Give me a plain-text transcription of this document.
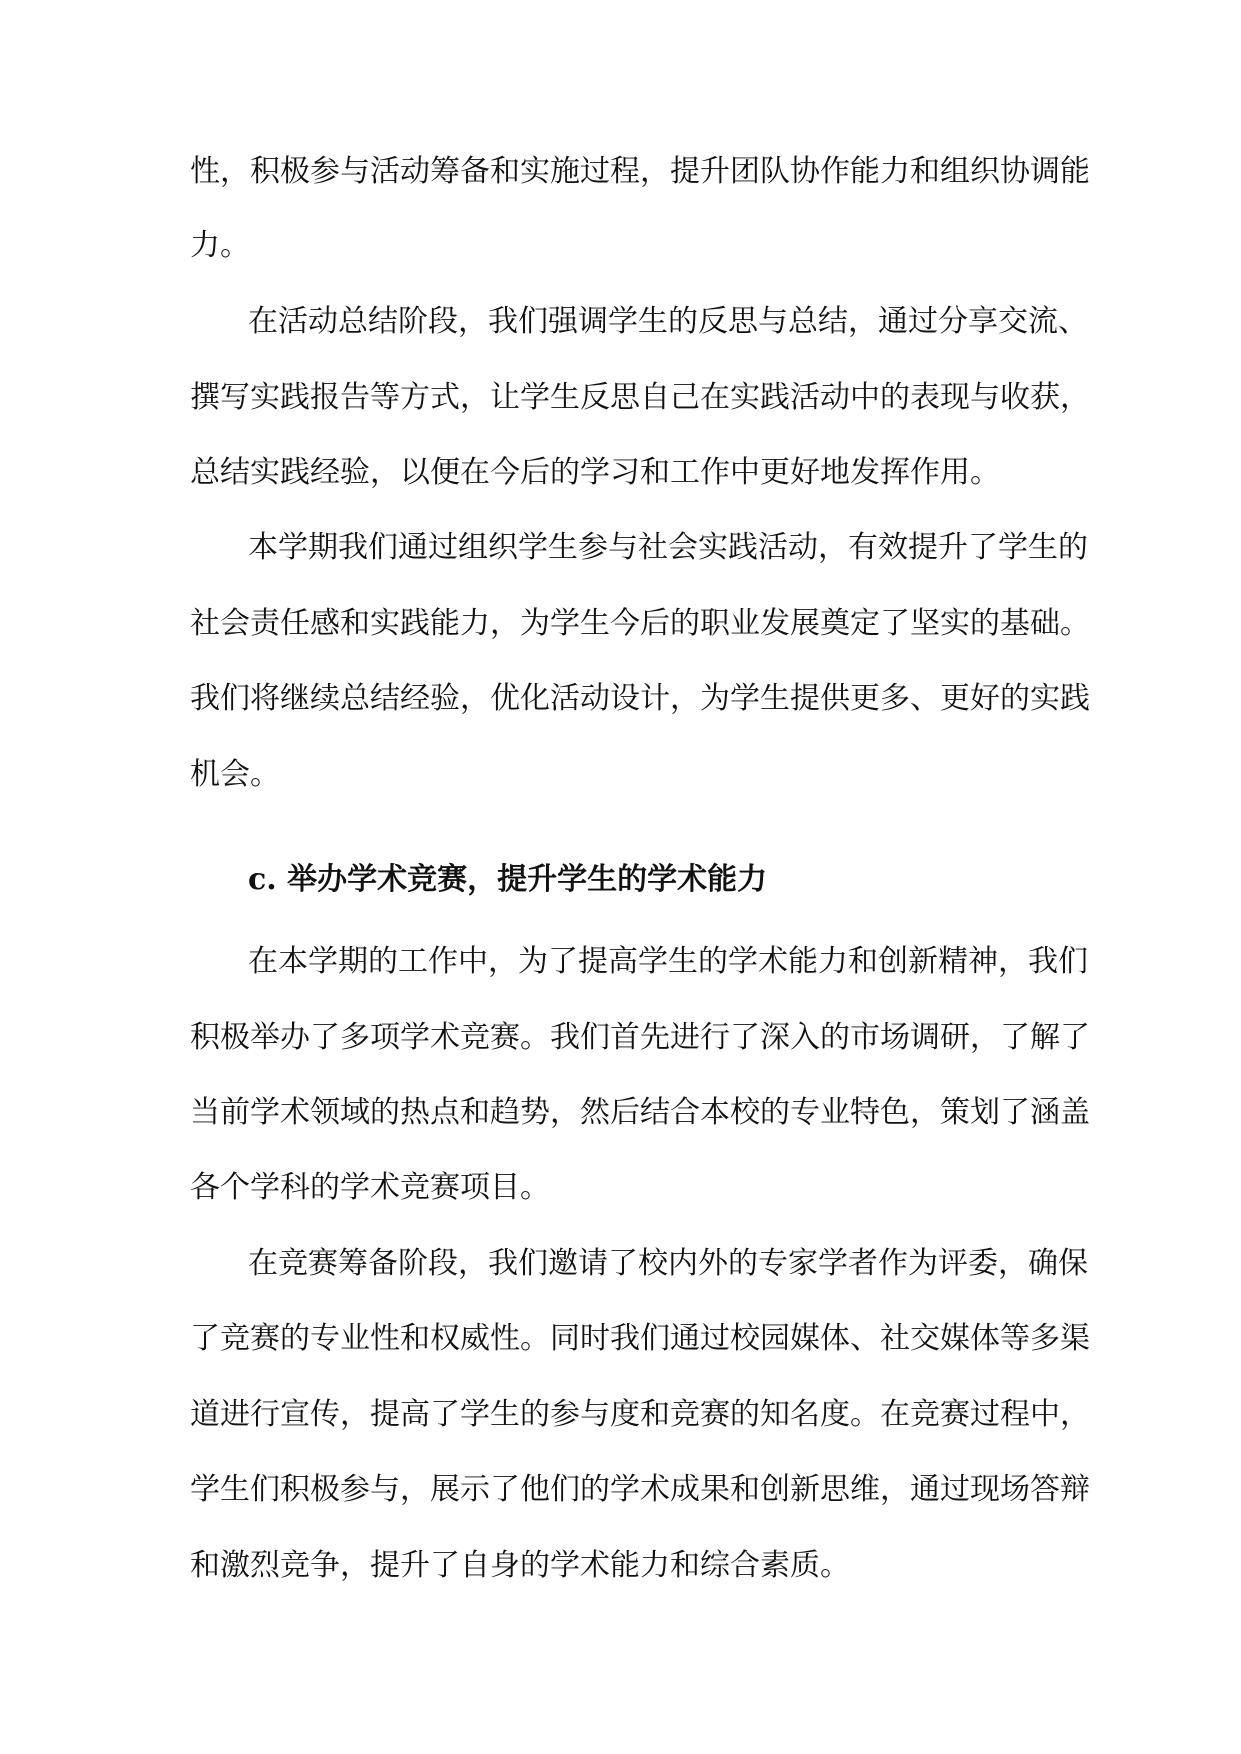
性，积极参与活动筹备和实施过程，提升团队协作能力和组织协调能
力。
在活动总结阶段，我们强调学生的反思与总结，通过分享交流、
撰写实践报告等方式，让学生反思自己在实践活动中的表现与收获，
总结实践经验，以便在今后的学习和工作中更好地发挥作用。
本学期我们通过组织学生参与社会实践活动，有效提升了学生的
社会责任感和实践能力，为学生今后的职业发展奠定了坚实的基础。
我们将继续总结经验，优化活动设计，为学生提供更多、更好的实践
机会。
c. 举办学术竞赛，提升学生的学术能力
在本学期的工作中，为了提高学生的学术能力和创新精神，我们
积极举办了多项学术竞赛。我们首先进行了深入的市场调研，了解了
当前学术领域的热点和趋势，然后结合本校的专业特色，策划了涵盖
各个学科的学术竞赛项目。
在竞赛筹备阶段，我们邀请了校内外的专家学者作为评委，确保
了竞赛的专业性和权威性。同时我们通过校园媒体、社交媒体等多渠
道进行宣传，提高了学生的参与度和竞赛的知名度。在竞赛过程中，
学生们积极参与，展示了他们的学术成果和创新思维，通过现场答辩
和激烈竞争，提升了自身的学术能力和综合素质。
